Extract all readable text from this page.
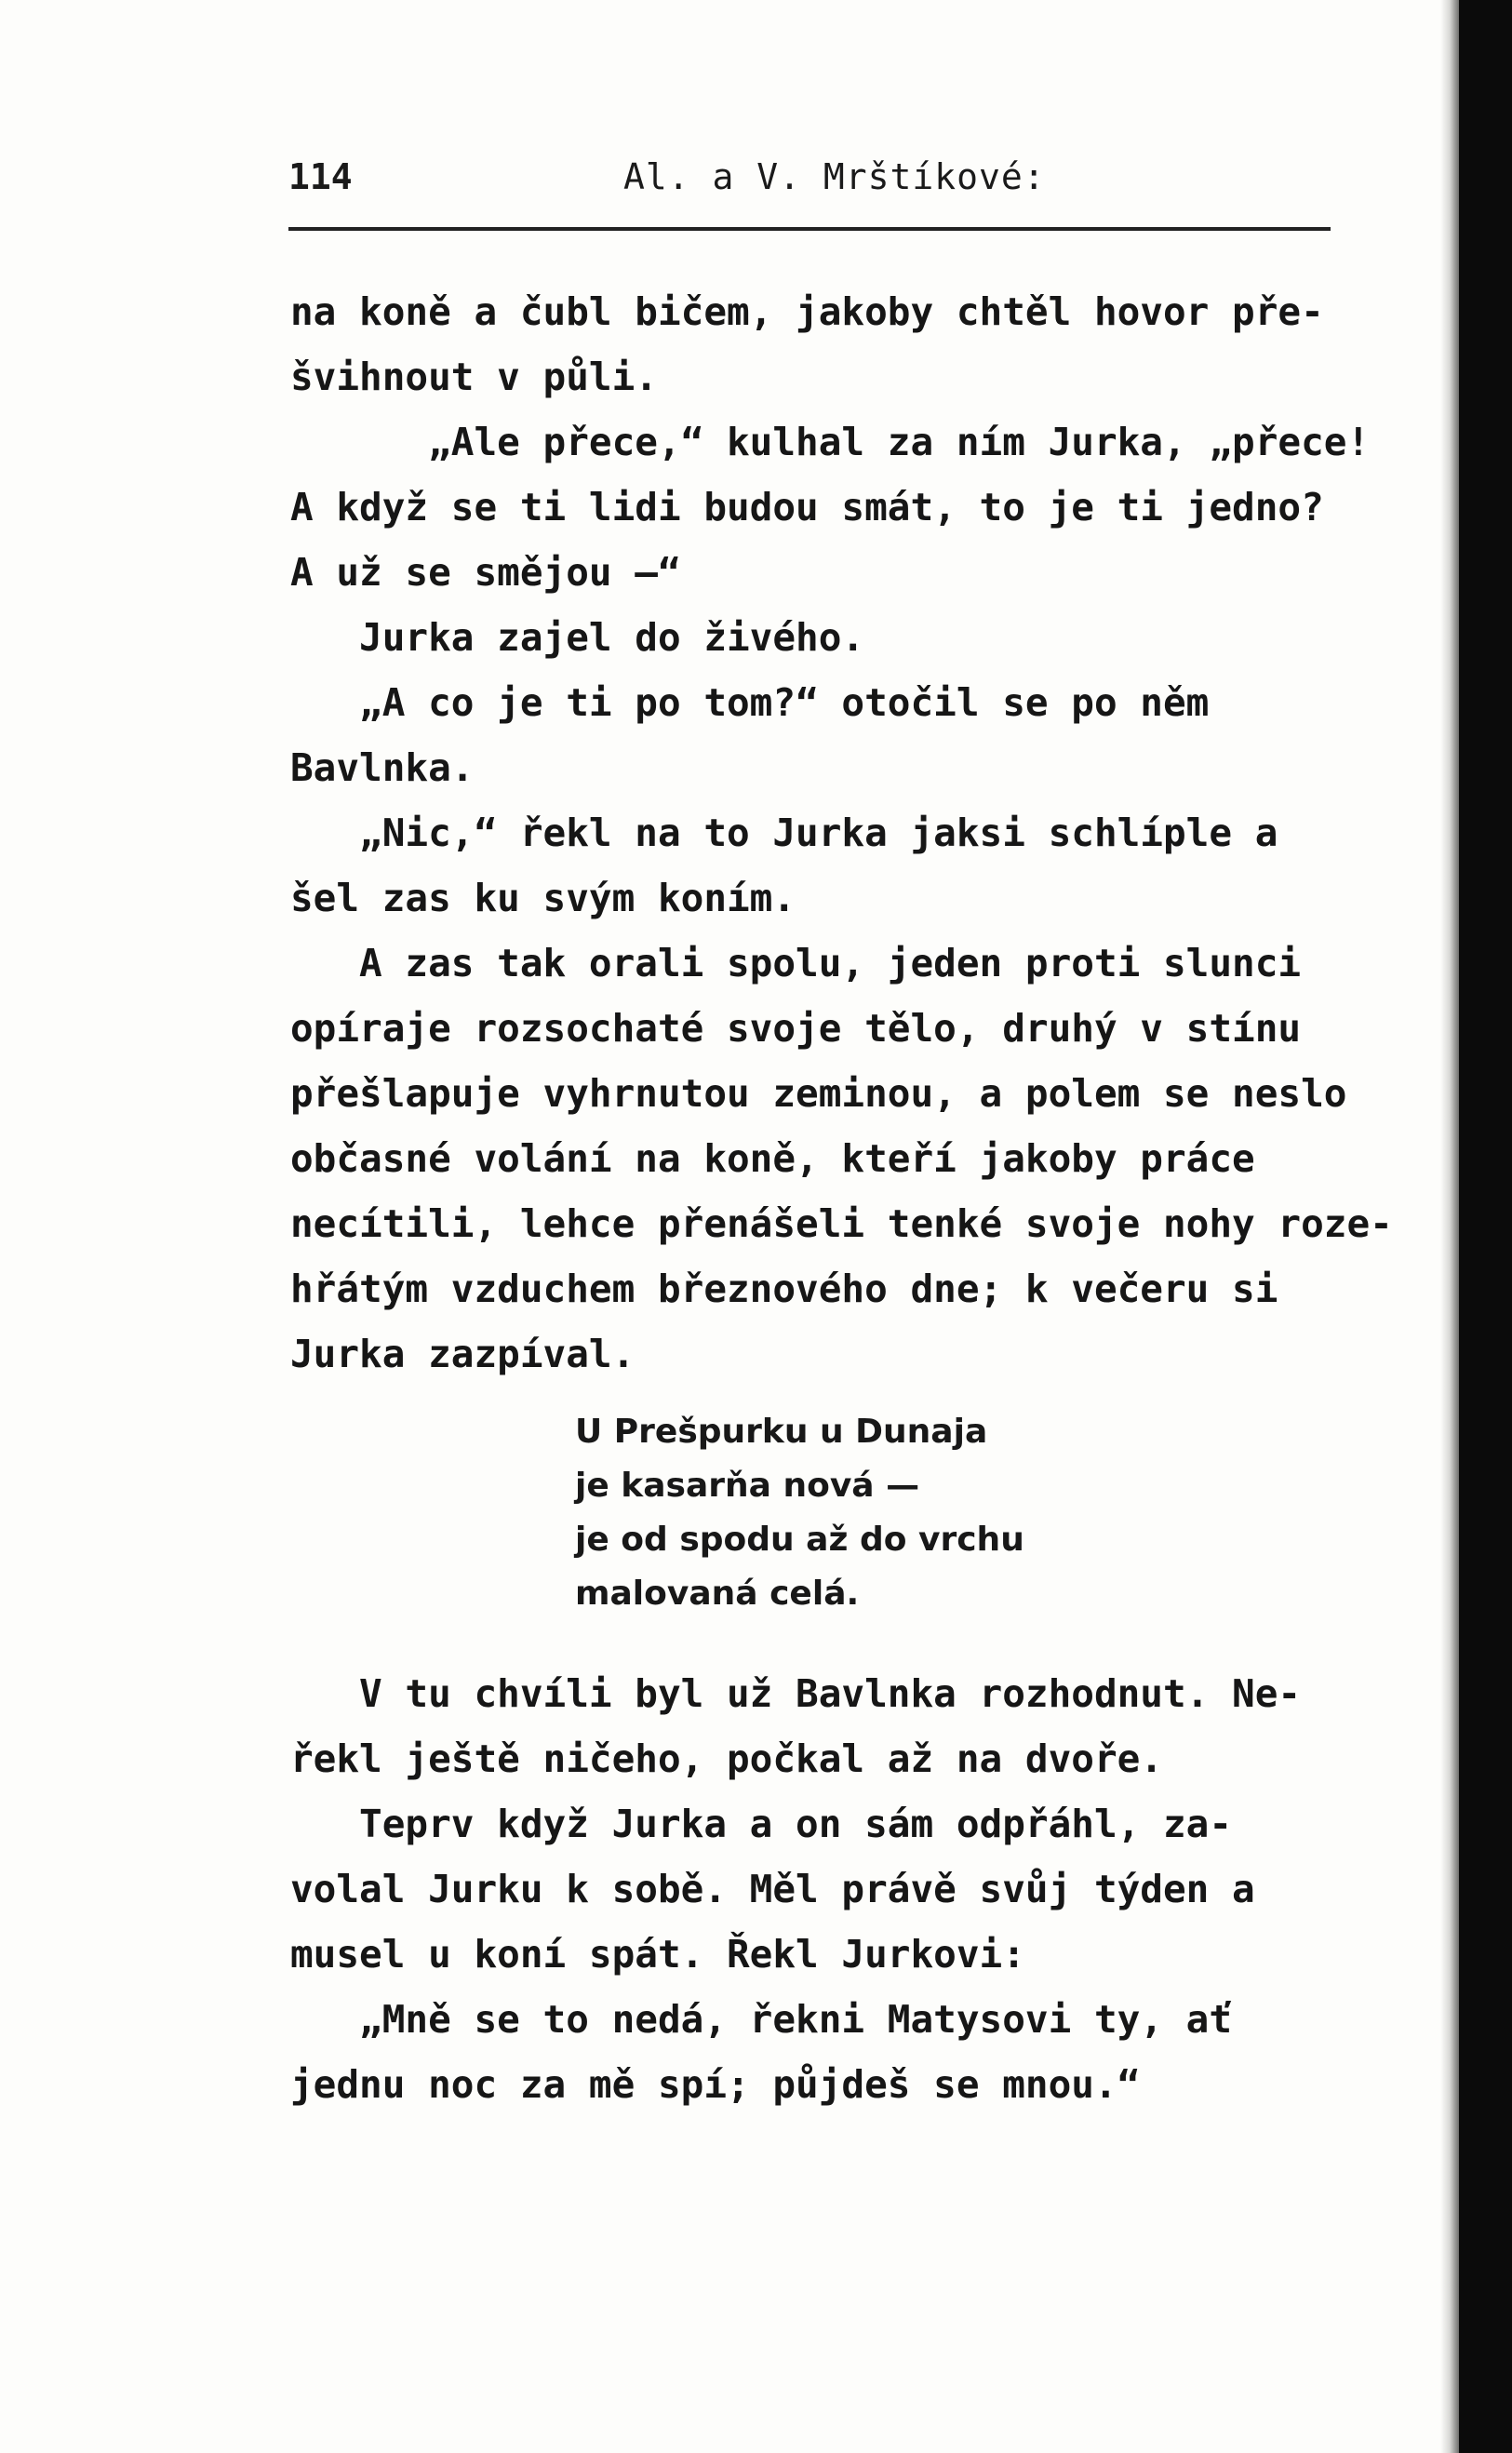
114	Al. a V. Mrštíkové:
na koně a čubl bičem, jakoby chtěl hovor pře-
švihnout v půli.
„Ale přece,“ kulhal za ním Jurka, „přece!
A když se ti lidi budou smát, to je ti jedno?
A už se smějou —“
Jurka zajel do živého.
„A co je ti po tom?“ otočil se po něm
Bavlnka.
„Nic,“ řekl na to Jurka jaksi schlíple a
šel zas ku svým koním.
A zas tak orali spolu, jeden proti slunci
opíraje rozsochaté svoje tělo, druhý v stínu
přešlapuje vyhrnutou zeminou, a polem se neslo
občasné volání na koně, kteří jakoby práce
necítili, lehce přenášeli tenké svoje nohy roze-
hřátým vzduchem březnového dne; k večeru si
Jurka zazpíval.
U Prešpurku u Dunaja
je kasarňa nová —
je od spodu až do vrchu
malovaná celá.
V tu chvíli byl už Bavlnka rozhodnut. Ne-
řekl ještě ničeho, počkal až na dvoře.
Teprv když Jurka a on sám odpřáhl, za-
volal Jurku k sobě. Měl právě svůj týden a
musel u koní spát. Řekl Jurkovi:
„Mně se to nedá, řekni Matysovi ty, ať
jednu noc za mě spí; půjdeš se mnou.“
